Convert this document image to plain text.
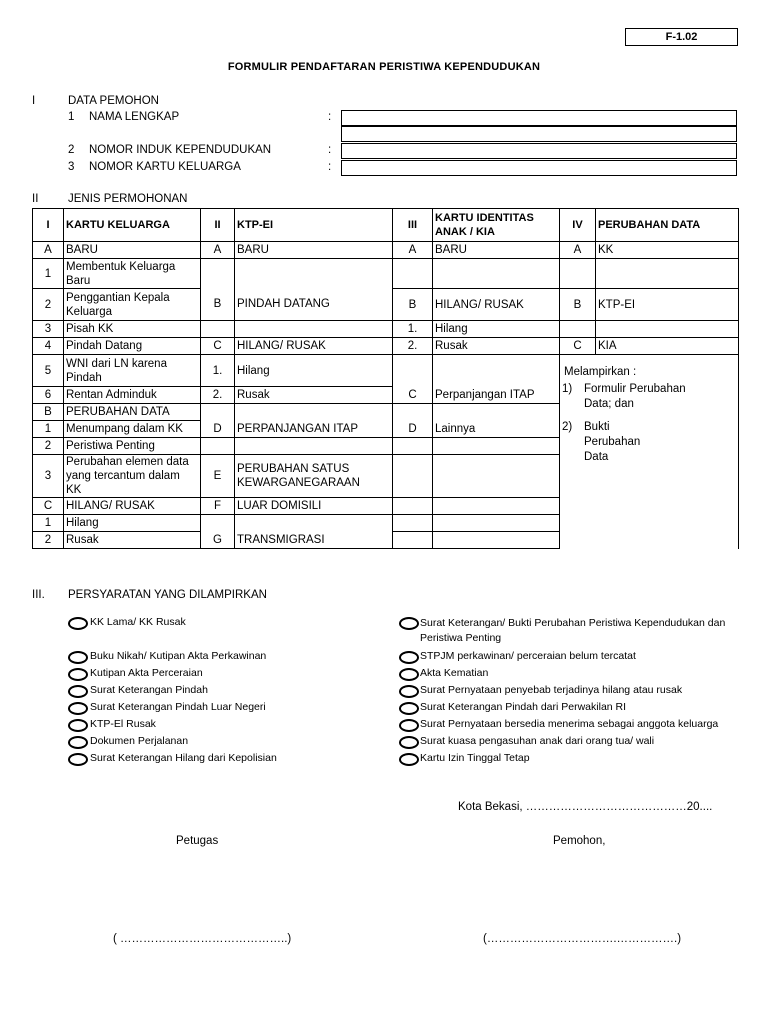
F-1.02
FORMULIR PENDAFTARAN PERISTIWA KEPENDUDUKAN
I	DATA PEMOHON
1 NAMA LENGKAP	:
2 NOMOR INDUK KEPENDUDUKAN	:
3 NOMOR KARTU KELUARGA	:
II	JENIS PERMOHONAN
I	KARTU KELUARGA	II	KTP-EI	III	KARTU IDENTITAS ANAK / KIA	IV	PERUBAHAN DATA
A	BARU	A	BARU	A	BARU	A	KK
1	Membentuk Keluarga Baru						
2	Penggantian Kepala Keluarga	B	PINDAH DATANG	B	HILANG/ RUSAK	B	KTP-EI
3	Pisah KK			1.	Hilang		
4	Pindah Datang	C	HILANG/ RUSAK	2.	Rusak	C	KIA
5	WNI dari LN karena Pindah	1.	Hilang			Melampirkan :
1) Formulir Perubahan Data; dan
2) Bukti Perubahan Data	

6	Rentan Adminduk	2.	Rusak	C	Perpanjangan ITAP		
B	PERUBAHAN DATA						
1	Menumpang dalam KK	D	PERPANJANGAN ITAP	D	Lainnya		
2	Peristiwa Penting						
3	Perubahan elemen data yang tercantum dalam KK	E	PERUBAHAN SATUS KEWARGANEGARAAN				
C	HILANG/ RUSAK	F	LUAR DOMISILI				
1	Hilang						
2	Rusak	G	TRANSMIGRASI				
III. PERSYARATAN YANG DILAMPIRKAN
KK Lama/ KK Rusak
Buku Nikah/ Kutipan Akta Perkawinan
Kutipan Akta Perceraian
Surat Keterangan Pindah
Surat Keterangan Pindah Luar Negeri
KTP-El Rusak
Dokumen Perjalanan
Surat Keterangan Hilang dari Kepolisian
Surat Keterangan/ Bukti Perubahan Peristiwa Kependudukan dan
Peristiwa Penting
STPJM perkawinan/ perceraian belum tercatat
Akta Kematian
Surat Pernyataan penyebab terjadinya hilang atau rusak
Surat Keterangan Pindah dari Perwakilan RI
Surat Pernyataan bersedia menerima sebagai anggota keluarga
Surat kuasa pengasuhan anak dari orang tua/ wali
Kartu Izin Tinggal Tetap
Kota Bekasi, ……………………………………20....
Petugas	Pemohon,
( ……………………………………..)	(…………………………….…………….)
